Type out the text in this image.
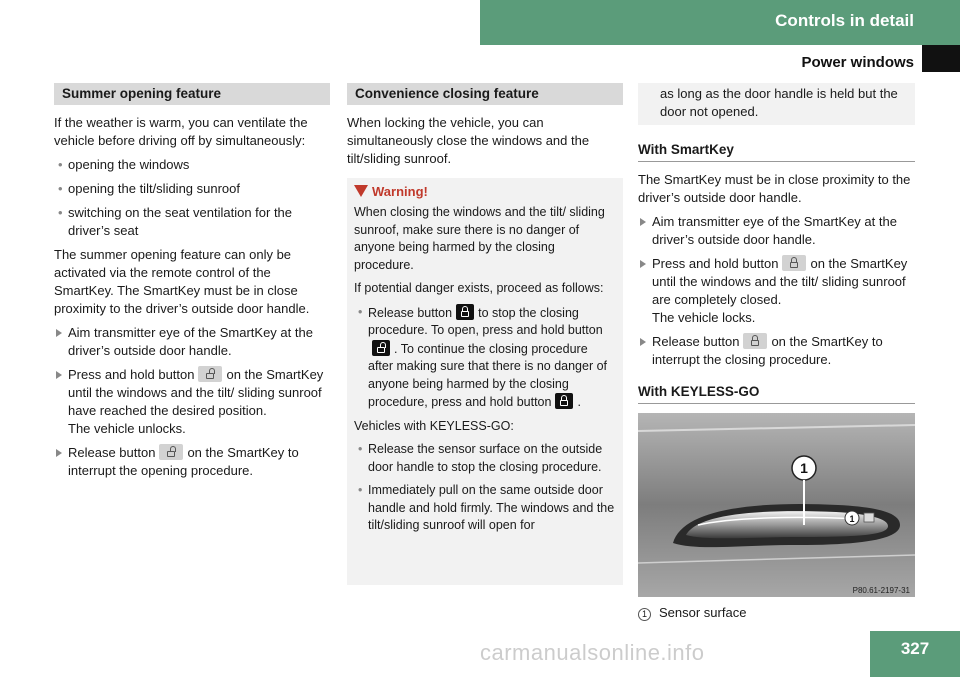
Controls in detail
Power windows
Summer opening feature

If the weather is warm, you can ventilate the vehicle before driving off by simultaneously:

• opening the windows
• opening the tilt/sliding sunroof
• switching on the seat ventilation for the driver’s seat

The summer opening feature can only be activated via the remote control of the SmartKey. The SmartKey must be in close proximity to the driver’s outside door handle.

Aim transmitter eye of the SmartKey at the driver’s outside door handle.
Press and hold button on the SmartKey until the windows and the tilt/ sliding sunroof have reached the desired position.
The vehicle unlocks.
Release button on the SmartKey to interrupt the opening procedure.
Convenience closing feature

When locking the vehicle, you can simultaneously close the windows and the tilt/sliding sunroof.

Warning!

When closing the windows and the tilt/ sliding sunroof, make sure there is no danger of anyone being harmed by the closing procedure.

If potential danger exists, proceed as follows:

• Release button to stop the closing procedure. To open, press and hold button
. To continue the closing procedure after making sure that there is no danger of anyone being harmed by the closing procedure, press and hold button .

Vehicles with KEYLESS-GO:

• Release the sensor surface on the outside door handle to stop the closing procedure.
• Immediately pull on the same outside door handle and hold firmly. The windows and the tilt/sliding sunroof will open for
as long as the door handle is held but the door not opened.
With SmartKey

The SmartKey must be in close proximity to the driver’s outside door handle.

Aim transmitter eye of the SmartKey at the driver’s outside door handle.
Press and hold button on the SmartKey until the windows and the tilt/ sliding sunroof are completely closed.
The vehicle locks.
Release button on the SmartKey to interrupt the closing procedure.
With KEYLESS-GO
1
1
P80.61-2197-31
1 Sensor surface
327
carmanualsonline.info
